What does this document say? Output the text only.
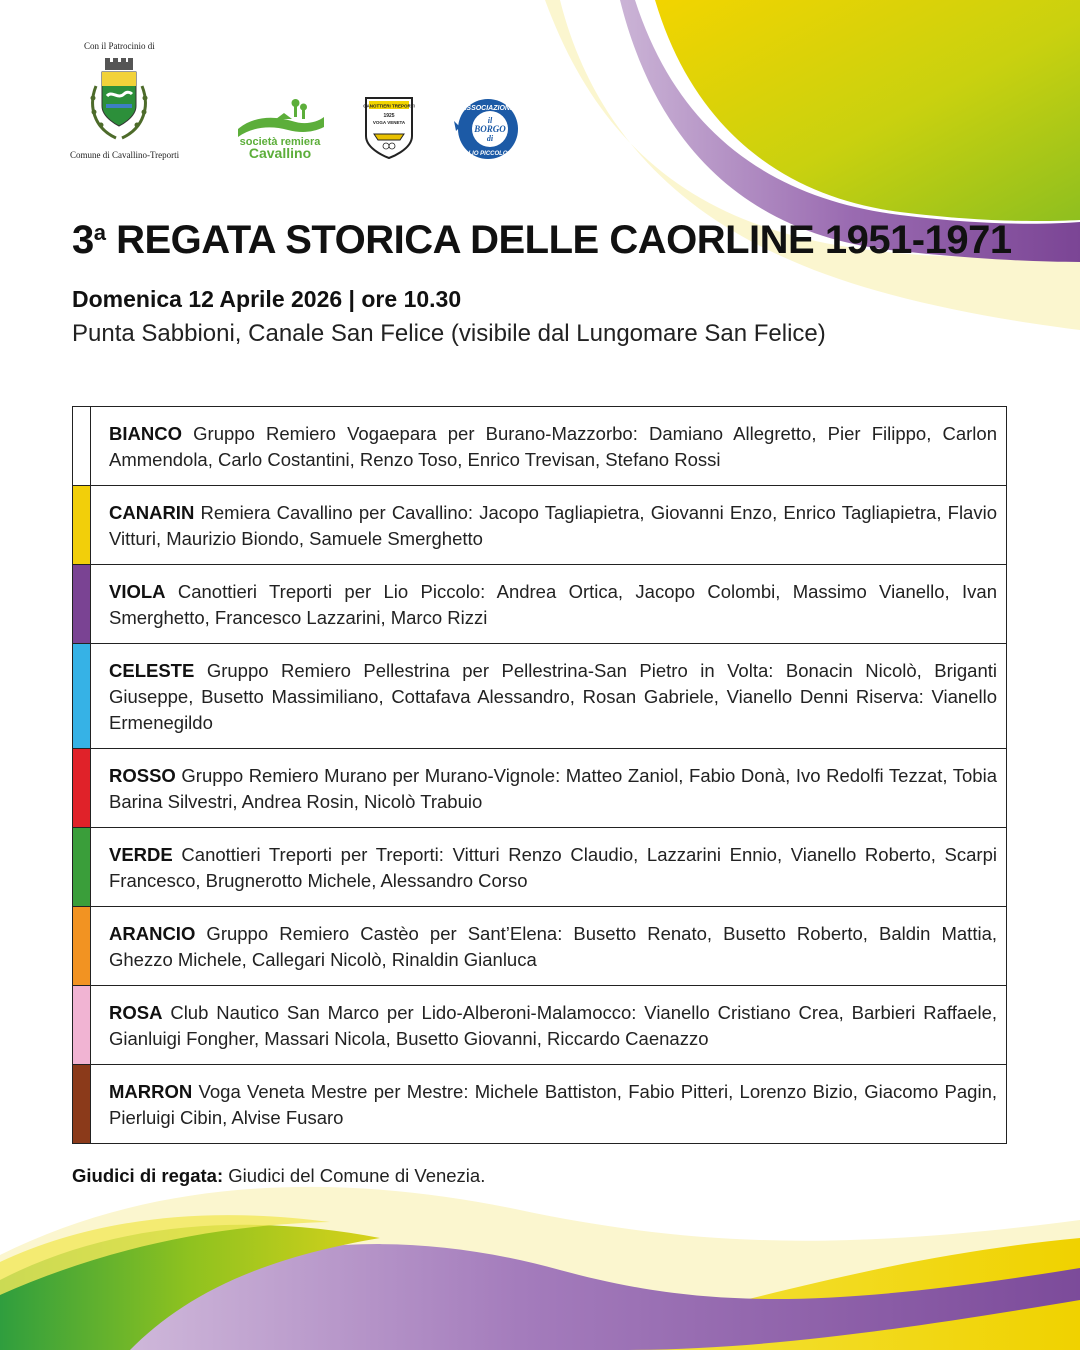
Con il Patrocinio di
Comune di Cavallino-Treporti
società remiera
Cavallino
CANOTTIERI TREPORTI
1925
VOGA VENETA
ASSOCIAZIONE
il
BORGO
di
LIO PICCOLO
3$^a$ REGATA STORICA DELLE CAORLINE 1951-1971
Domenica 12 Aprile 2026 | ore 10.30
Punta Sabbioni, Canale San Felice (visibile dal Lungomare San Felice)
BIANCO Gruppo Remiero Vogaepara per Burano-Mazzorbo: Damiano Allegretto, Pier Filippo, Carlon Ammendola, Carlo Costantini, Renzo Toso, Enrico Trevisan, Stefano Rossi
CANARIN Remiera Cavallino per Cavallino: Jacopo Tagliapietra, Giovanni Enzo, Enrico Tagliapietra, Flavio Vitturi, Maurizio Biondo, Samuele Smerghetto
VIOLA Canottieri Treporti per Lio Piccolo: Andrea Ortica, Jacopo Colombi, Massimo Vianello, Ivan Smerghetto, Francesco Lazzarini, Marco Rizzi
CELESTE Gruppo Remiero Pellestrina per Pellestrina-San Pietro in Volta: Bonacin Nicolò, Briganti Giuseppe, Busetto Massimiliano, Cottafava Alessandro, Rosan Gabriele, Vianello Denni Riserva: Vianello Ermenegildo
ROSSO Gruppo Remiero Murano per Murano-Vignole: Matteo Zaniol, Fabio Donà, Ivo Redolfi Tezzat, Tobia Barina Silvestri, Andrea Rosin, Nicolò Trabuio
VERDE Canottieri Treporti per Treporti: Vitturi Renzo Claudio, Lazzarini Ennio, Vianello Roberto, Scarpi Francesco, Brugnerotto Michele, Alessandro Corso
ARANCIO Gruppo Remiero Castèo per Sant’Elena: Busetto Renato, Busetto Roberto, Baldin Mattia, Ghezzo Michele, Callegari Nicolò, Rinaldin Gianluca
ROSA Club Nautico San Marco per Lido-Alberoni-Malamocco: Vianello Cristiano Crea, Barbieri Raffaele, Gianluigi Fongher, Massari Nicola, Busetto Giovanni, Riccardo Caenazzo
MARRON Voga Veneta Mestre per Mestre: Michele Battiston, Fabio Pitteri, Lorenzo Bizio, Giacomo Pagin, Pierluigi Cibin, Alvise Fusaro
Giudici di regata: Giudici del Comune di Venezia.
